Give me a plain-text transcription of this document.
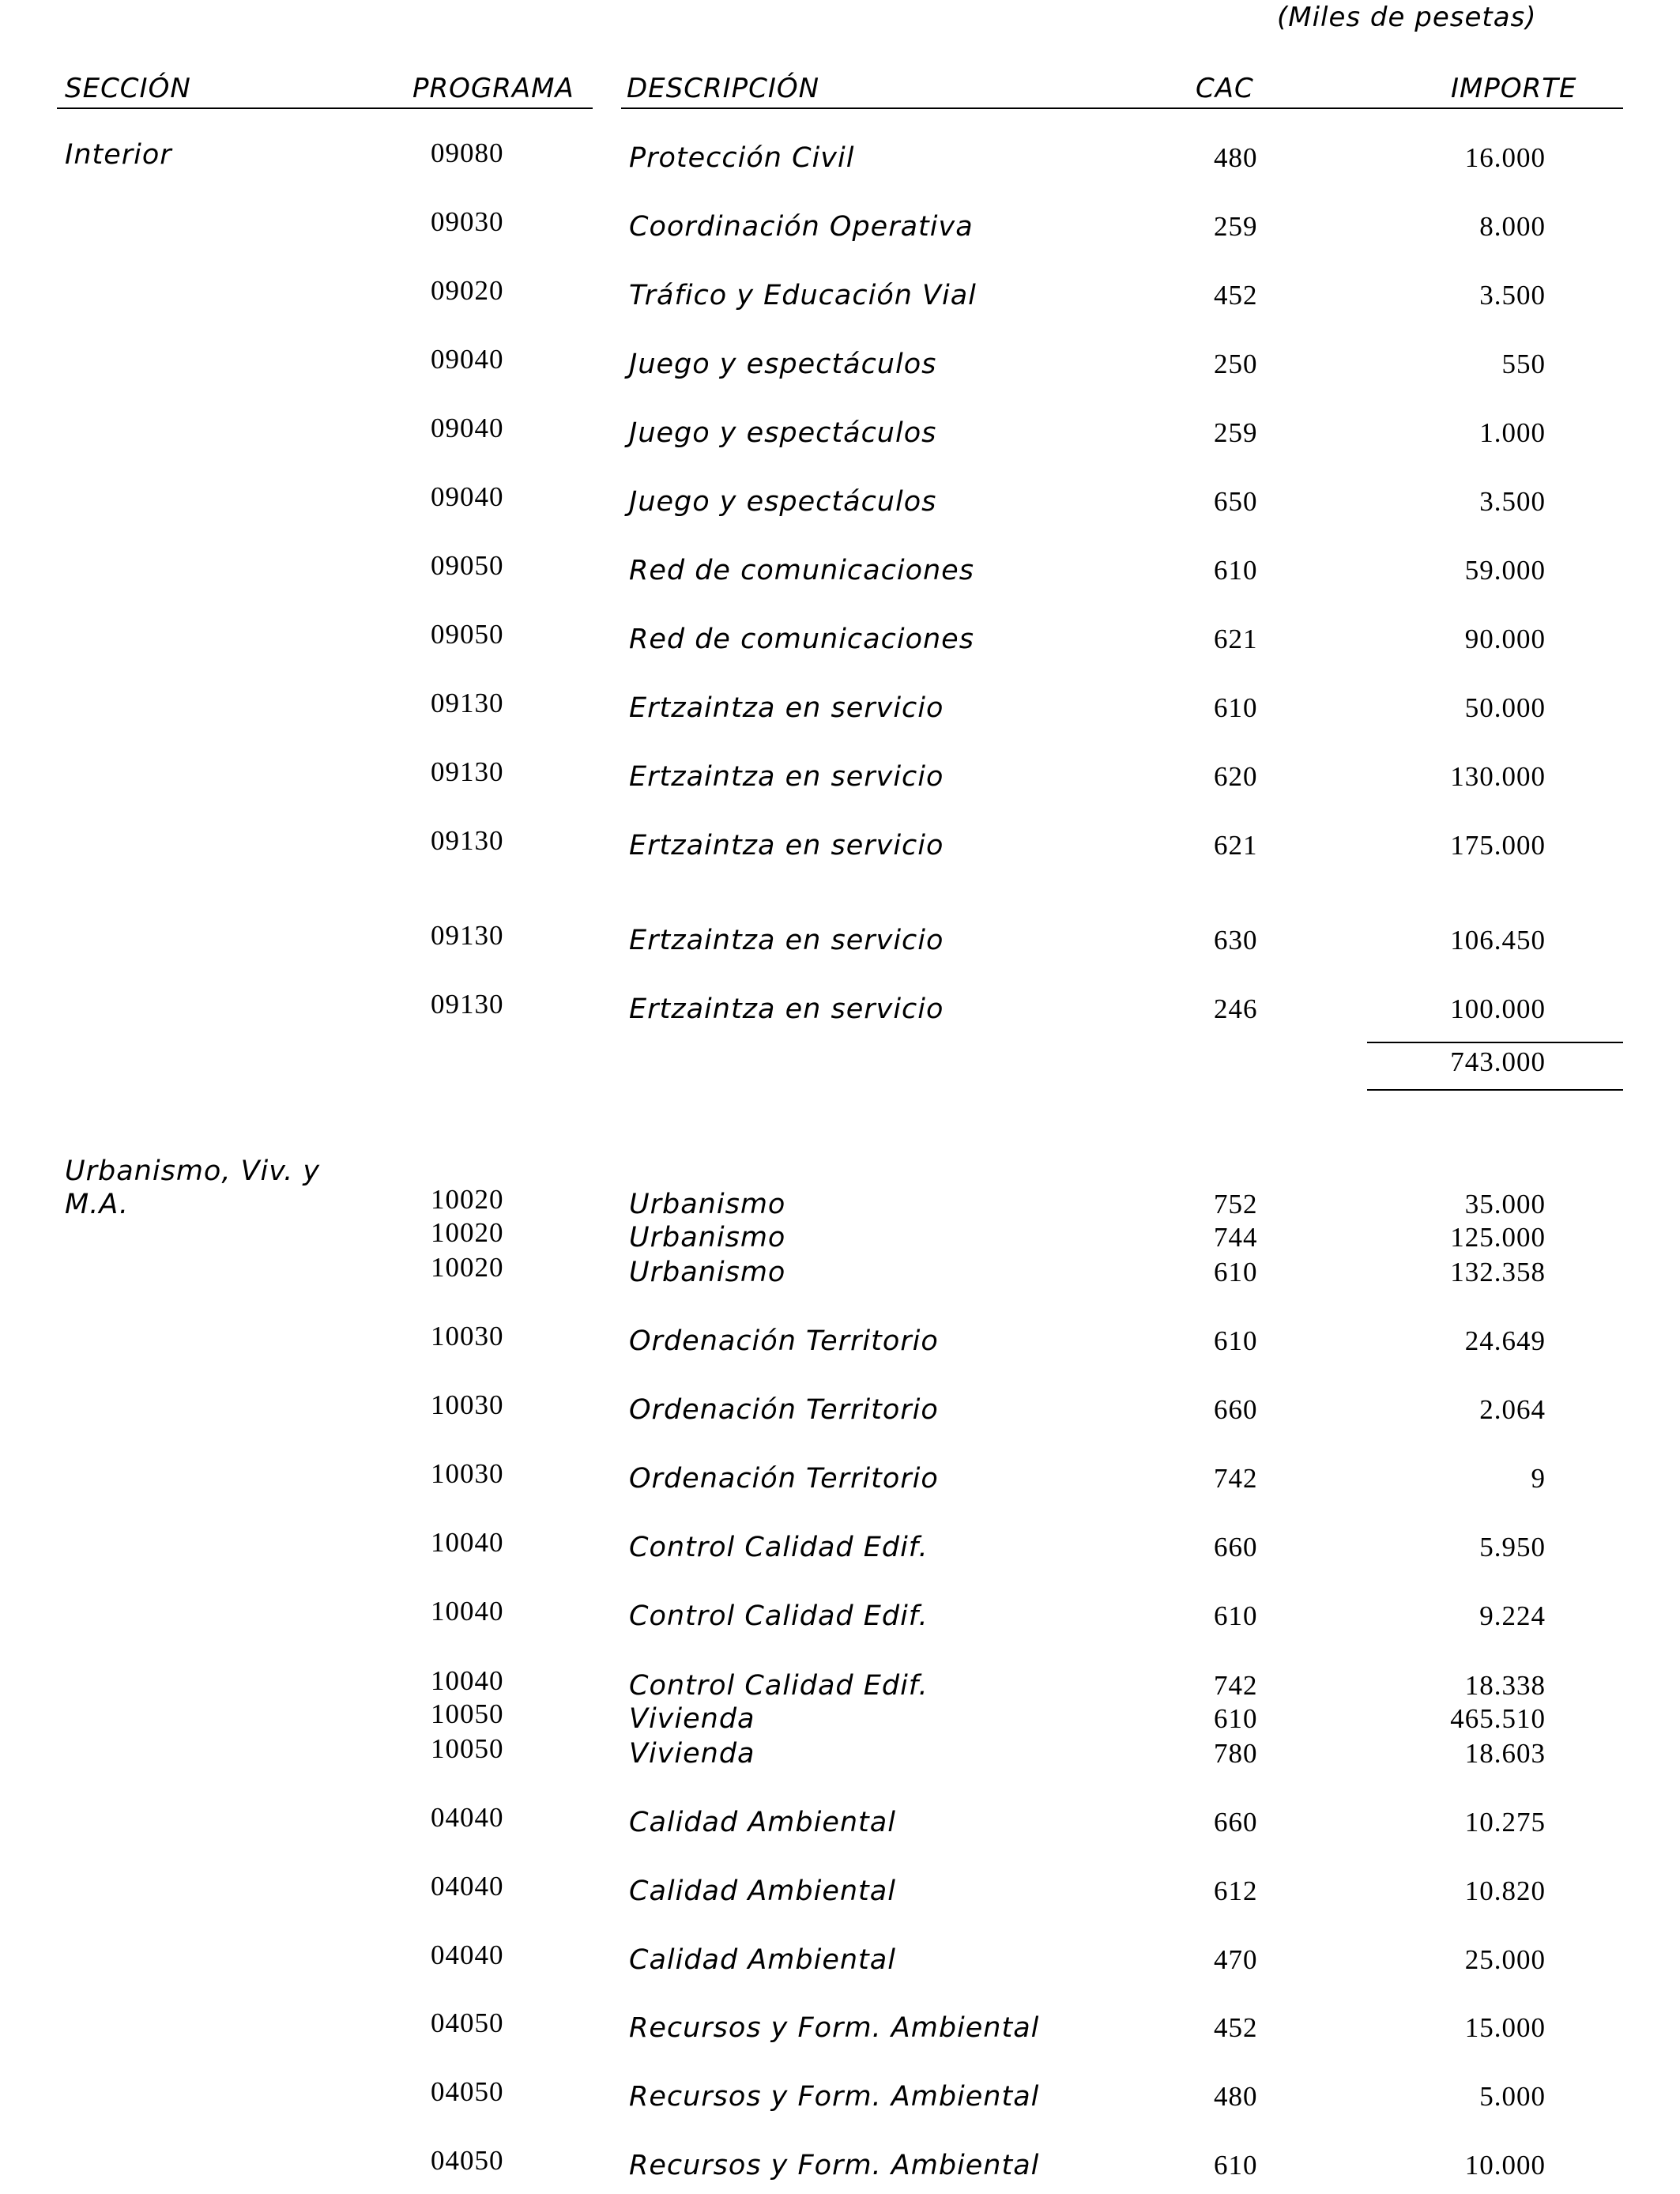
(Miles de pesetas)
SECCIÓN	PROGRAMA DESCRIPCIÓN	CAC	IMPORTE
Interior	09080	Protección Civil	480	16.000
09030	Coordinación Operativa	259	8.000
09020	Tráfico y Educación Vial	452	3.500
09040	Juego y espectáculos	250	550
09040	Juego y espectáculos	259	1.000
09040	Juego y espectáculos	650	3.500
09050	Red de comunicaciones	610	59.000
09050	Red de comunicaciones	621	90.000
09130	Ertzaintza en servicio	610	50.000
09130	Ertzaintza en servicio	620	130.000
09130	Ertzaintza en servicio	621	175.000
09130	Ertzaintza en servicio	630	106.450
09130	Ertzaintza en servicio	246	100.000
743.000
Urbanismo, Viv. y
M.A.	10020	Urbanismo	752	35.000
10020	Urbanismo	744	125.000
10020	Urbanismo	610	132.358
10030	Ordenación Territorio	610	24.649
10030	Ordenación Territorio	660	2.064
10030	Ordenación Territorio	742	9
10040	Control Calidad Edif.	660	5.950
10040	Control Calidad Edif.	610	9.224
10040	Control Calidad Edif.	742	18.338
10050	Vivienda	610	465.510
10050	Vivienda	780	18.603
04040	Calidad Ambiental	660	10.275
04040	Calidad Ambiental	612	10.820
04040	Calidad Ambiental	470	25.000
04050	Recursos y Form. Ambiental	452	15.000
04050	Recursos y Form. Ambiental	480	5.000
04050	Recursos y Form. Ambiental	610	10.000
